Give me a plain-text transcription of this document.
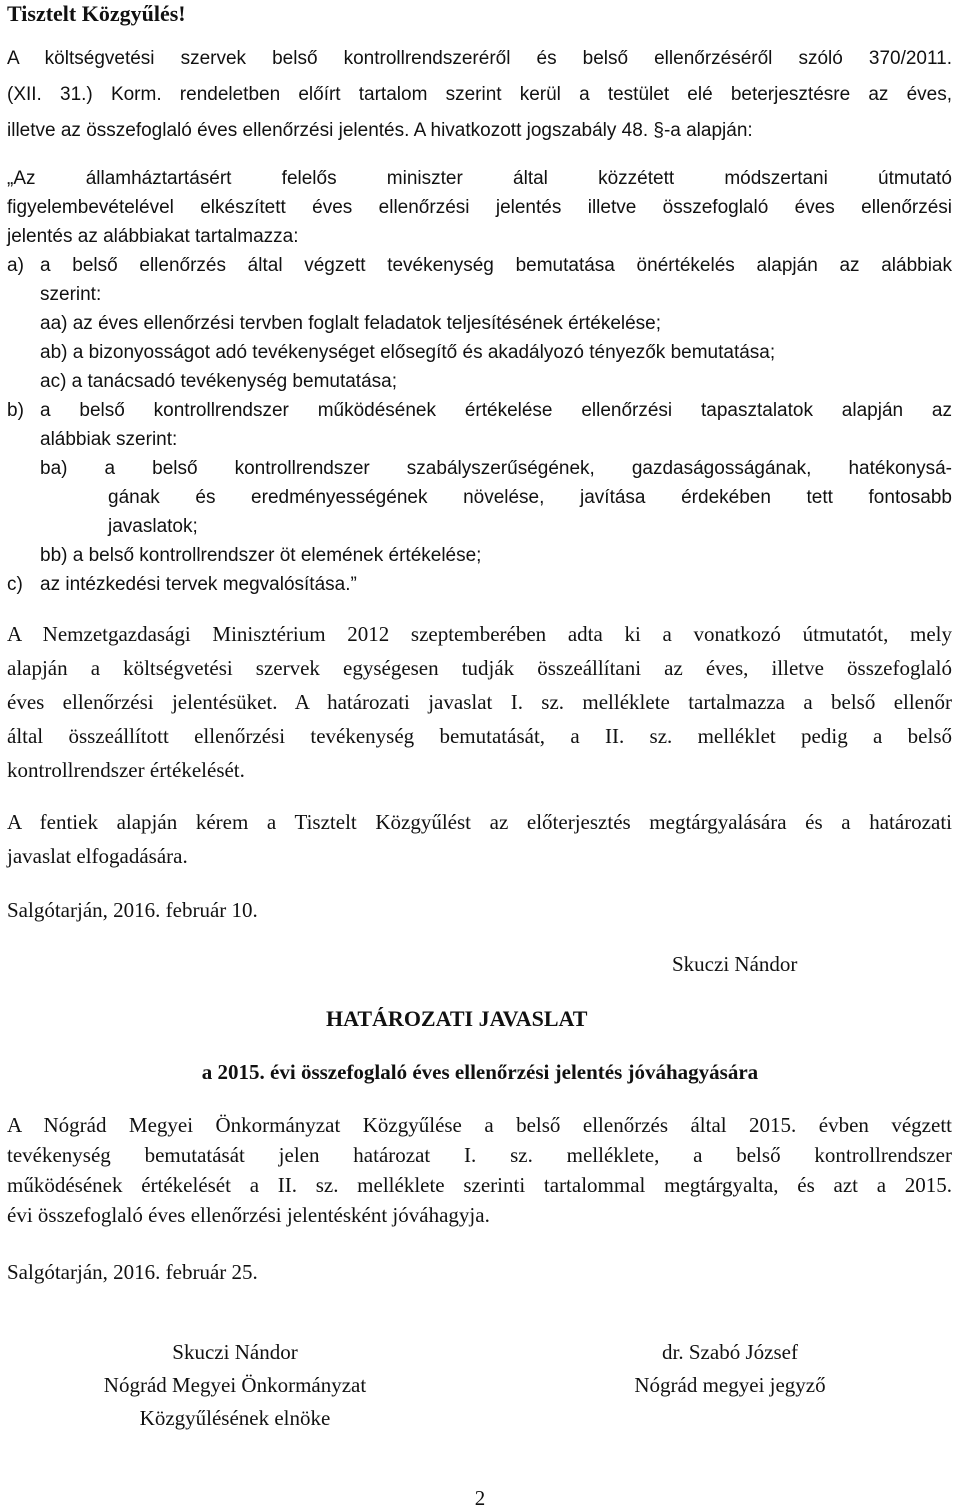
Tisztelt Közgyűlés!
A költségvetési szervek belső kontrollrendszeréről és belső ellenőrzéséről szóló 370/2011.
(XII. 31.) Korm. rendeletben előírt tartalom szerint kerül a testület elé beterjesztésre az éves,
illetve az összefoglaló éves ellenőrzési jelentés. A hivatkozott jogszabály 48. §-a alapján:
„Az államháztartásért felelős miniszter által közzétett módszertani útmutató
figyelembevételével elkészített éves ellenőrzési jelentés illetve összefoglaló éves ellenőrzési
jelentés az alábbiakat tartalmazza:
a) a belső ellenőrzés által végzett tevékenység bemutatása önértékelés alapján az alábbiak
szerint:
aa) az éves ellenőrzési tervben foglalt feladatok teljesítésének értékelése;
ab) a bizonyosságot adó tevékenységet elősegítő és akadályozó tényezők bemutatása;
ac) a tanácsadó tevékenység bemutatása;
b) a belső kontrollrendszer működésének értékelése ellenőrzési tapasztalatok alapján az
alábbiak szerint:
ba) a belső kontrollrendszer szabályszerűségének, gazdaságosságának, hatékonysá-
gának és eredményességének növelése, javítása érdekében tett fontosabb
javaslatok;
bb) a belső kontrollrendszer öt elemének értékelése;
c) az intézkedési tervek megvalósítása.”
A Nemzetgazdasági Minisztérium 2012 szeptemberében adta ki a vonatkozó útmutatót, mely
alapján a költségvetési szervek egységesen tudják összeállítani az éves, illetve összefoglaló
éves ellenőrzési jelentésüket. A határozati javaslat I. sz. melléklete tartalmazza a belső ellenőr
által összeállított ellenőrzési tevékenység bemutatását, a II. sz. melléklet pedig a belső
kontrollrendszer értékelését.
A fentiek alapján kérem a Tisztelt Közgyűlést az előterjesztés megtárgyalására és a határozati
javaslat elfogadására.
Salgótarján, 2016. február 10.
Skuczi Nándor
HATÁROZATI JAVASLAT
a 2015. évi összefoglaló éves ellenőrzési jelentés jóváhagyására
A Nógrád Megyei Önkormányzat Közgyűlése a belső ellenőrzés által 2015. évben végzett
tevékenység bemutatását jelen határozat I. sz. melléklete, a belső kontrollrendszer
működésének értékelését a II. sz. melléklete szerinti tartalommal megtárgyalta, és azt a 2015.
évi összefoglaló éves ellenőrzési jelentésként jóváhagyja.
Salgótarján, 2016. február 25.
Skuczi Nándor
Nógrád Megyei Önkormányzat
Közgyűlésének elnöke
dr. Szabó József
Nógrád megyei jegyző
2
